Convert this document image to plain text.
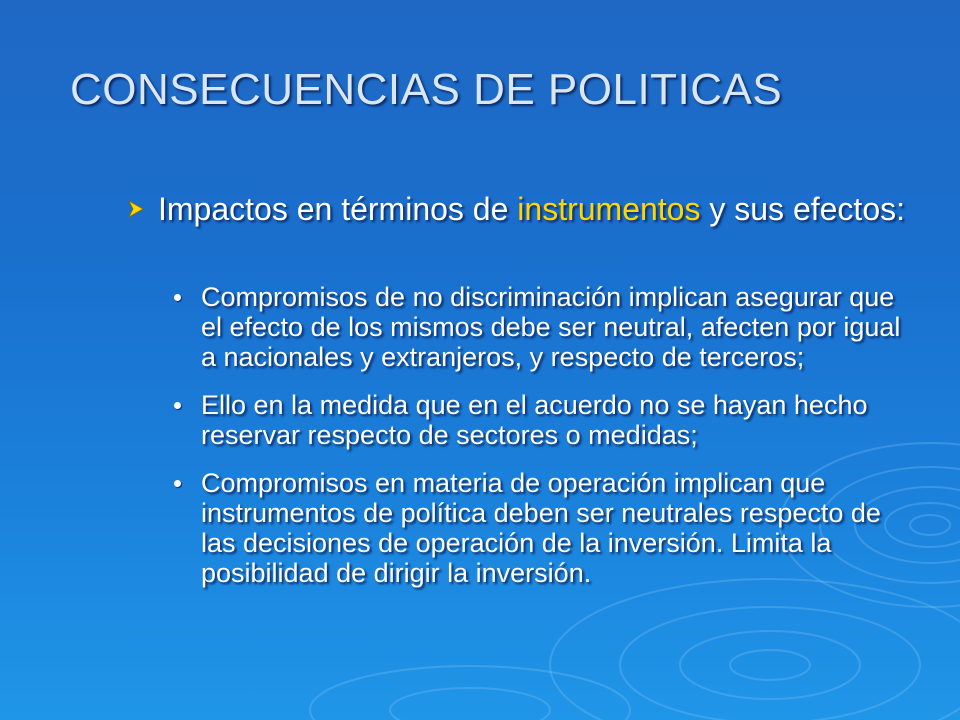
CONSECUENCIAS DE POLITICAS
Impactos en términos de instrumentos y sus efectos:
Compromisos de no discriminación implican asegurar que el efecto de los mismos debe ser neutral, afecten por igual a nacionales y extranjeros, y respecto de terceros;
Ello en la medida que en el acuerdo no se hayan hecho reservar respecto de sectores o medidas;
Compromisos en materia de operación implican que instrumentos de política deben ser neutrales respecto de las decisiones de operación de la inversión. Limita la posibilidad de dirigir la inversión.
